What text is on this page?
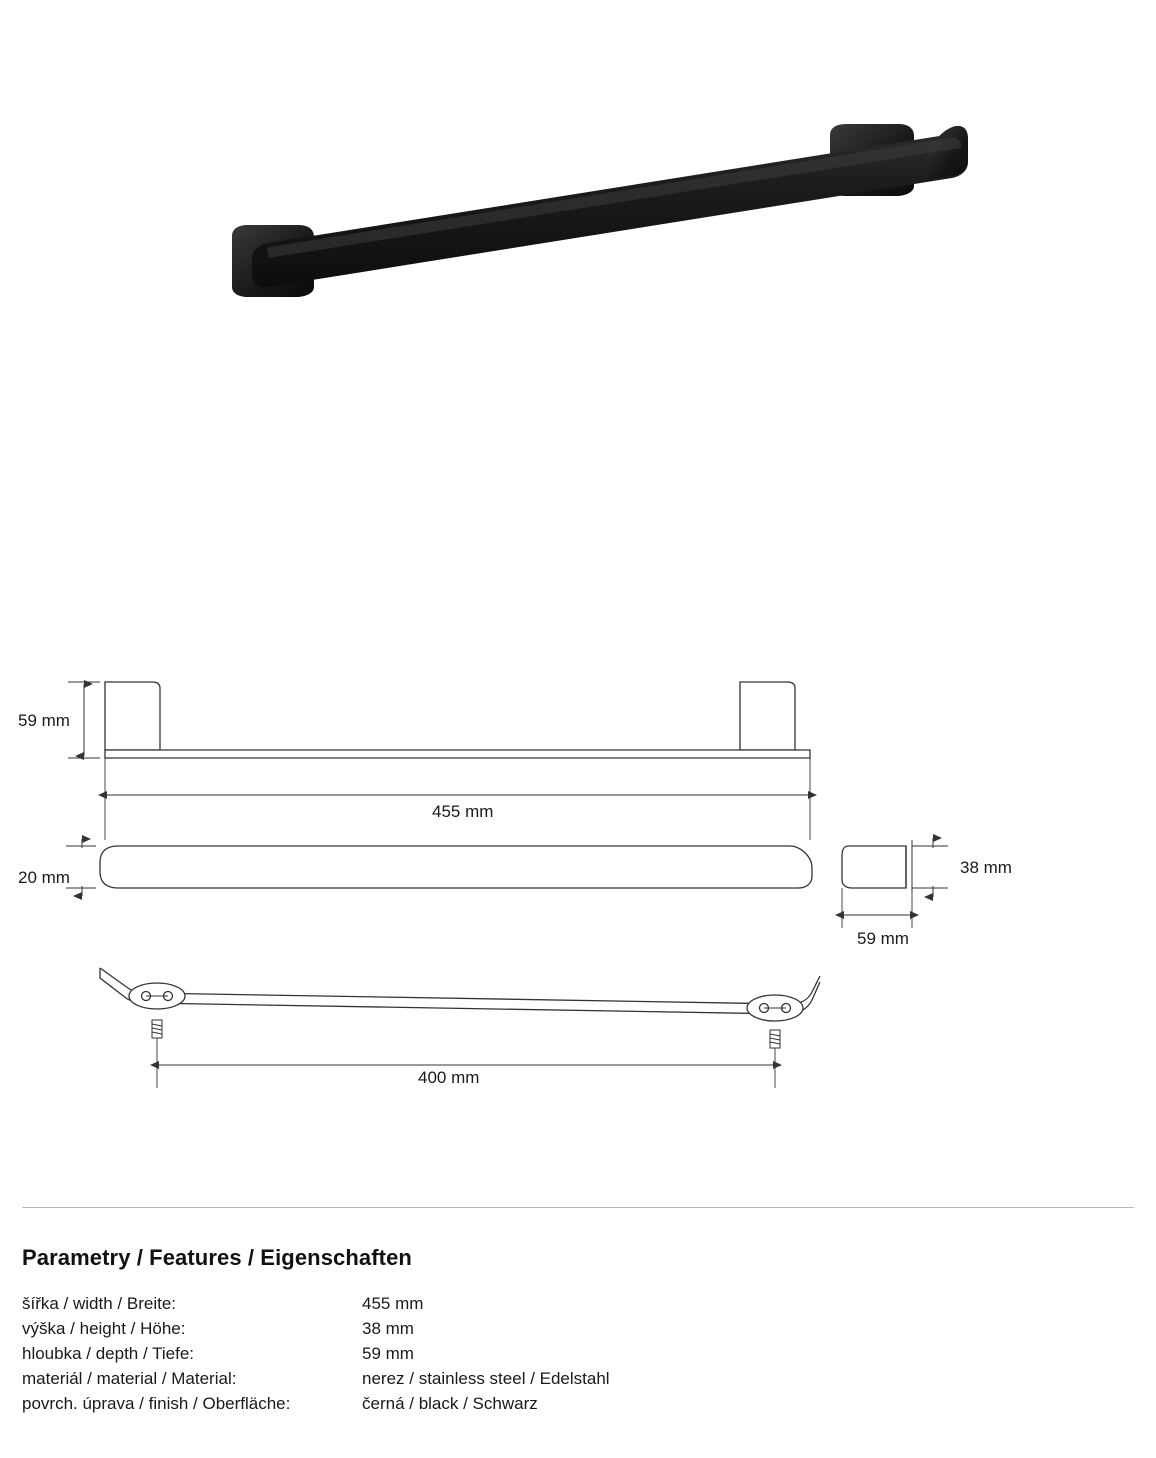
59 mm
455 mm
20 mm
38 mm
59 mm
400 mm
Parametry / Features / Eigenschaften
šířka / width / Breite:	455 mm
výška / height / Höhe:	38 mm
hloubka / depth / Tiefe:	59 mm
materiál / material / Material:	nerez / stainless steel / Edelstahl
povrch. úprava / finish / Oberfläche:	černá / black / Schwarz
